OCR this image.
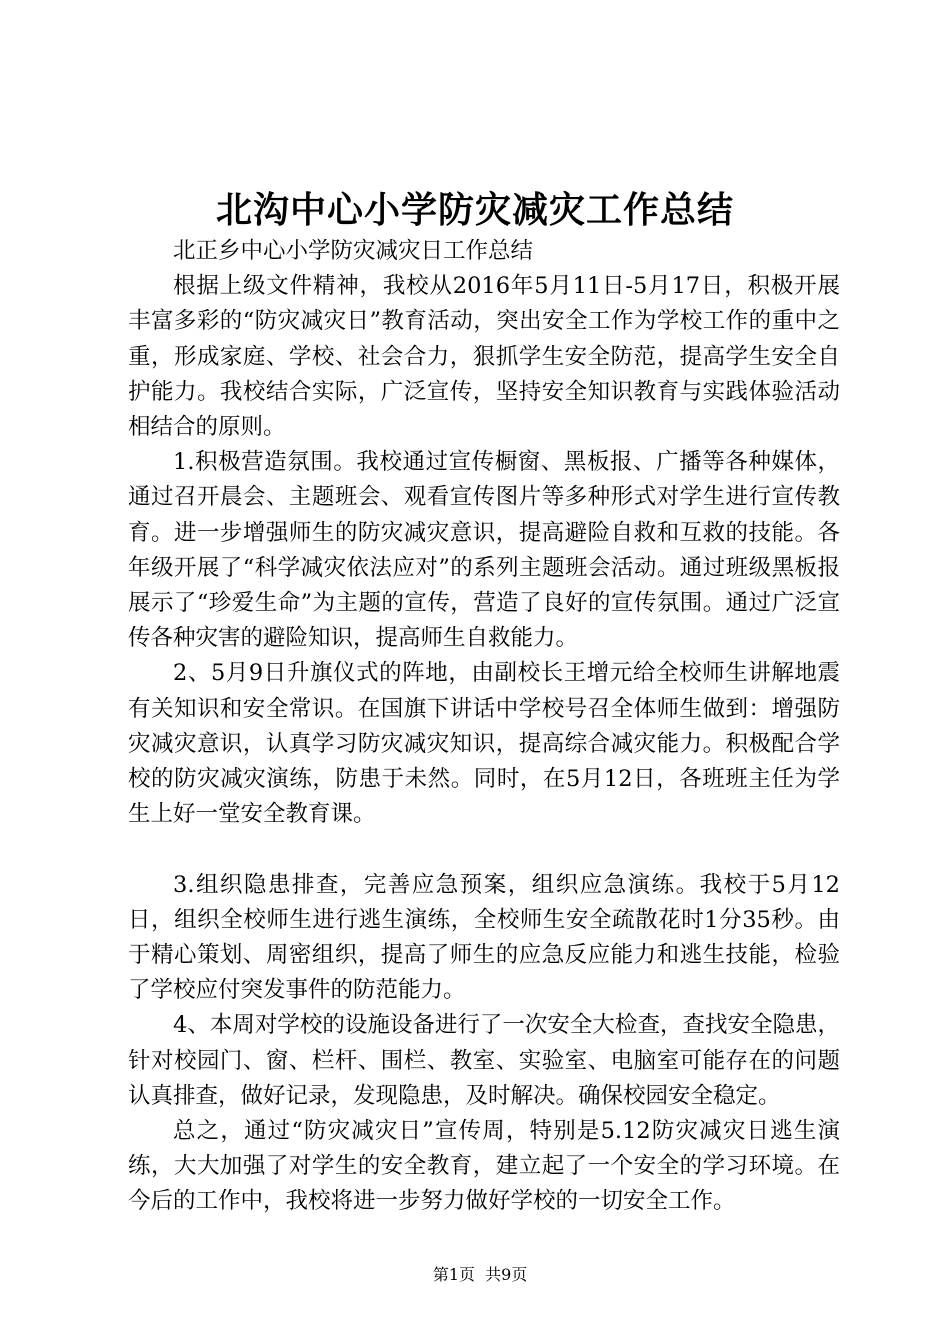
北沟中心小学防灾减灾工作总结

北正乡中心小学防灾减灾日工作总结

根据上级文件精神，我校从2016年5月11日-5月17日，积极开展丰富多彩的“防灾减灾日”教育活动，突出安全工作为学校工作的重中之重，形成家庭、学校、社会合力，狠抓学生安全防范，提高学生安全自护能力。我校结合实际，广泛宣传，坚持安全知识教育与实践体验活动相结合的原则。

1.积极营造氛围。我校通过宣传橱窗、黑板报、广播等各种媒体，通过召开晨会、主题班会、观看宣传图片等多种形式对学生进行宣传教育。进一步增强师生的防灾减灾意识，提高避险自救和互救的技能。各年级开展了“科学减灾依法应对”的系列主题班会活动。通过班级黑板报展示了“珍爱生命”为主题的宣传，营造了良好的宣传氛围。通过广泛宣传各种灾害的避险知识，提高师生自救能力。

2、5月9日升旗仪式的阵地，由副校长王增元给全校师生讲解地震有关知识和安全常识。在国旗下讲话中学校号召全体师生做到：增强防灾减灾意识，认真学习防灾减灾知识，提高综合减灾能力。积极配合学校的防灾减灾演练，防患于未然。同时，在5月12日，各班班主任为学生上好一堂安全教育课。

3.组织隐患排查，完善应急预案，组织应急演练。我校于5月12日，组织全校师生进行逃生演练，全校师生安全疏散花时1分35秒。由于精心策划、周密组织，提高了师生的应急反应能力和逃生技能，检验了学校应付突发事件的防范能力。

4、本周对学校的设施设备进行了一次安全大检查，查找安全隐患，针对校园门、窗、栏杆、围栏、教室、实验室、电脑室可能存在的问题认真排查，做好记录，发现隐患，及时解决。确保校园安全稳定。

总之，通过“防灾减灾日”宣传周，特别是5.12防灾减灾日逃生演练，大大加强了对学生的安全教育，建立起了一个安全的学习环境。在今后的工作中，我校将进一步努力做好学校的一切安全工作。

第1页  共9页
